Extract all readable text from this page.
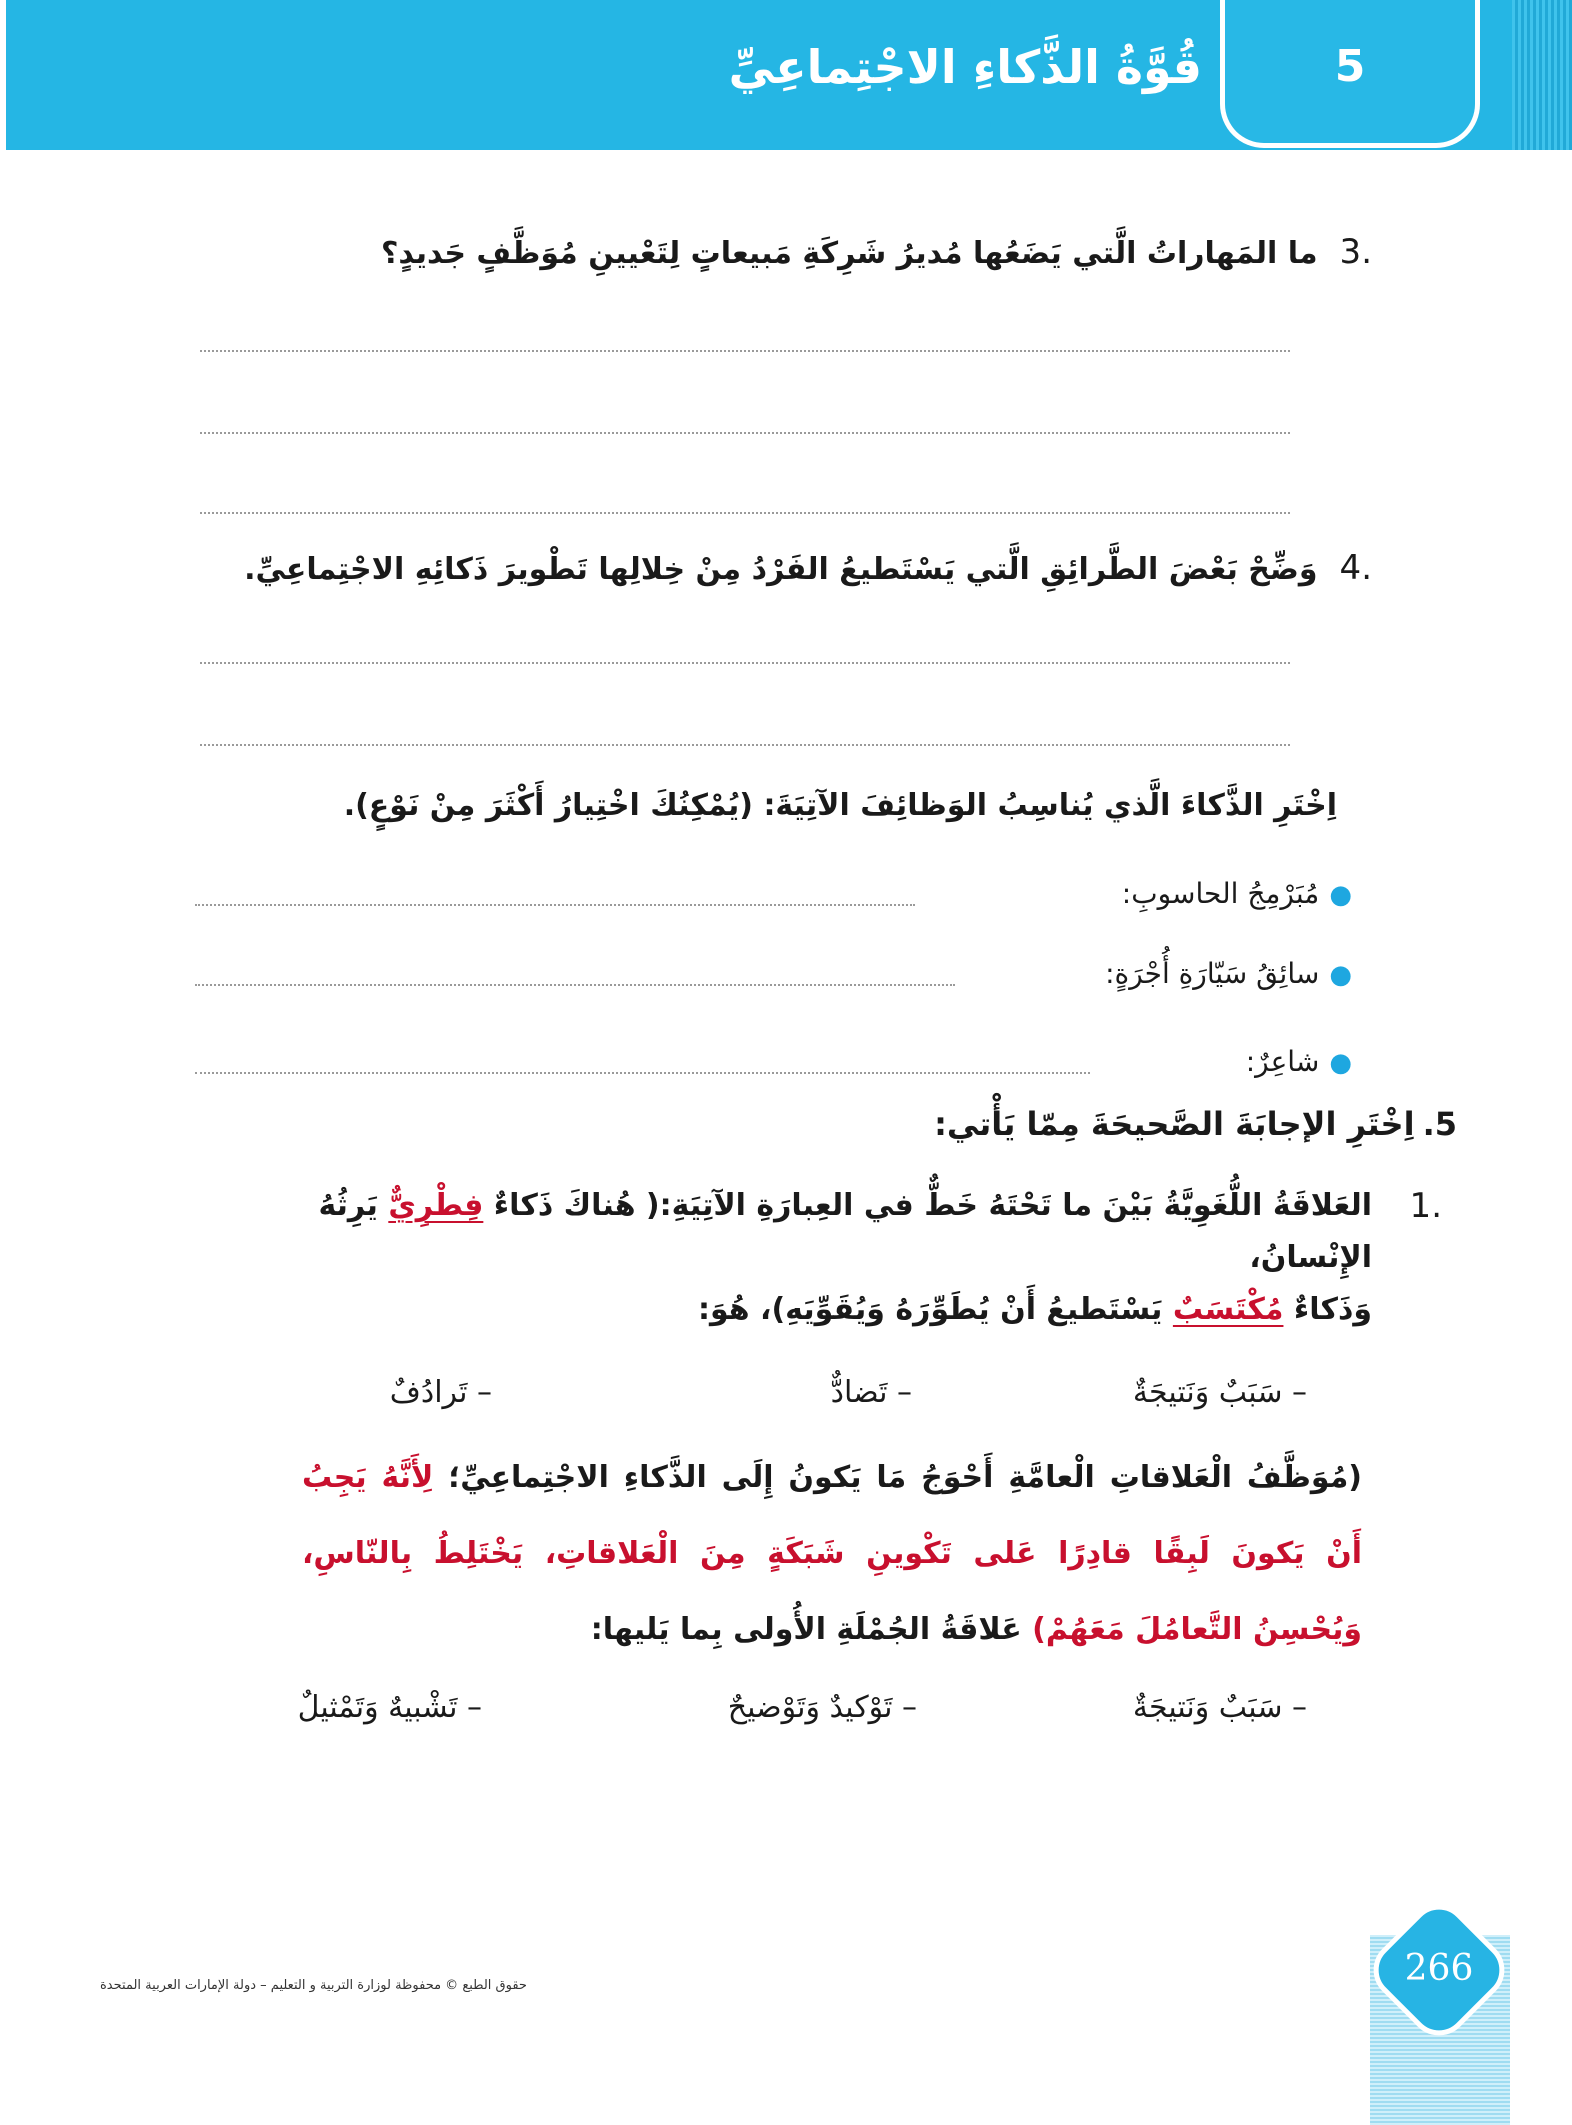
5
قُوَّةُ الذَّكاءِ الاجْتِماعِيِّ
.3ما المَهاراتُ الَّتي يَضَعُها مُديرُ شَرِكَةِ مَبيعاتٍ لِتَعْيينِ مُوَظَّفٍ جَديدٍ؟
.4وَضِّحْ بَعْضَ الطَّرائِقِ الَّتي يَسْتَطيعُ الفَرْدُ مِنْ خِلالِها تَطْويرَ ذَكائِهِ الاجْتِماعِيِّ.
اِخْتَرِ الذَّكاءَ الَّذي يُناسِبُ الوَظائِفَ الآتِيَةَ: (يُمْكِنُكَ اخْتِيارُ أَكْثَرَ مِنْ نَوْعٍ).
●مُبَرْمِجُ الحاسوبِ:
●سائِقُ سَيّارَةِ أُجْرَةٍ:
●شاعِرٌ:
5.اِخْتَرِ الإجابَةَ الصَّحيحَةَ مِمّا يَأْتي:
.1
العَلاقَةُ اللُّغَوِيَّةُ بَيْنَ ما تَحْتَهُ خَطٌّ في العِبارَةِ الآتِيَةِ:( هُناكَ ذَكاءٌ فِطْرِيٌّ يَرِثُهُ الإِنْسانُ،
وَذَكاءٌ مُكْتَسَبٌ يَسْتَطيعُ أَنْ يُطَوِّرَهُ وَيُقَوِّيَهِ)، هُوَ:
– سَبَبٌ وَنَتيجَةٌ
– تَضادٌّ
– تَرادُفٌ
(مُوَظَّفُ الْعَلاقاتِ الْعامَّةِ أَحْوَجُ مَا يَكونُ إِلَى الذَّكاءِ الاجْتِماعِيِّ؛ لِأَنَّهُ يَجِبُ أَنْ يَكونَ لَبِقًا قادِرًا عَلى تَكْوينِ شَبَكَةٍ مِنَ الْعَلاقاتِ، يَخْتَلِطُ بِالنّاسِ، وَيُحْسِنُ التَّعامُلَ مَعَهُمْ) عَلاقَةُ الجُمْلَةِ الأُولى بِما يَليها:
– سَبَبٌ وَنَتيجَةٌ
– تَوْكيدٌ وَتَوْضيحٌ
– تَشْبيهٌ وَتَمْثيلٌ
حقوق الطبع © محفوظة لوزارة التربية و التعليم – دولة الإمارات العربية المتحدة	266
